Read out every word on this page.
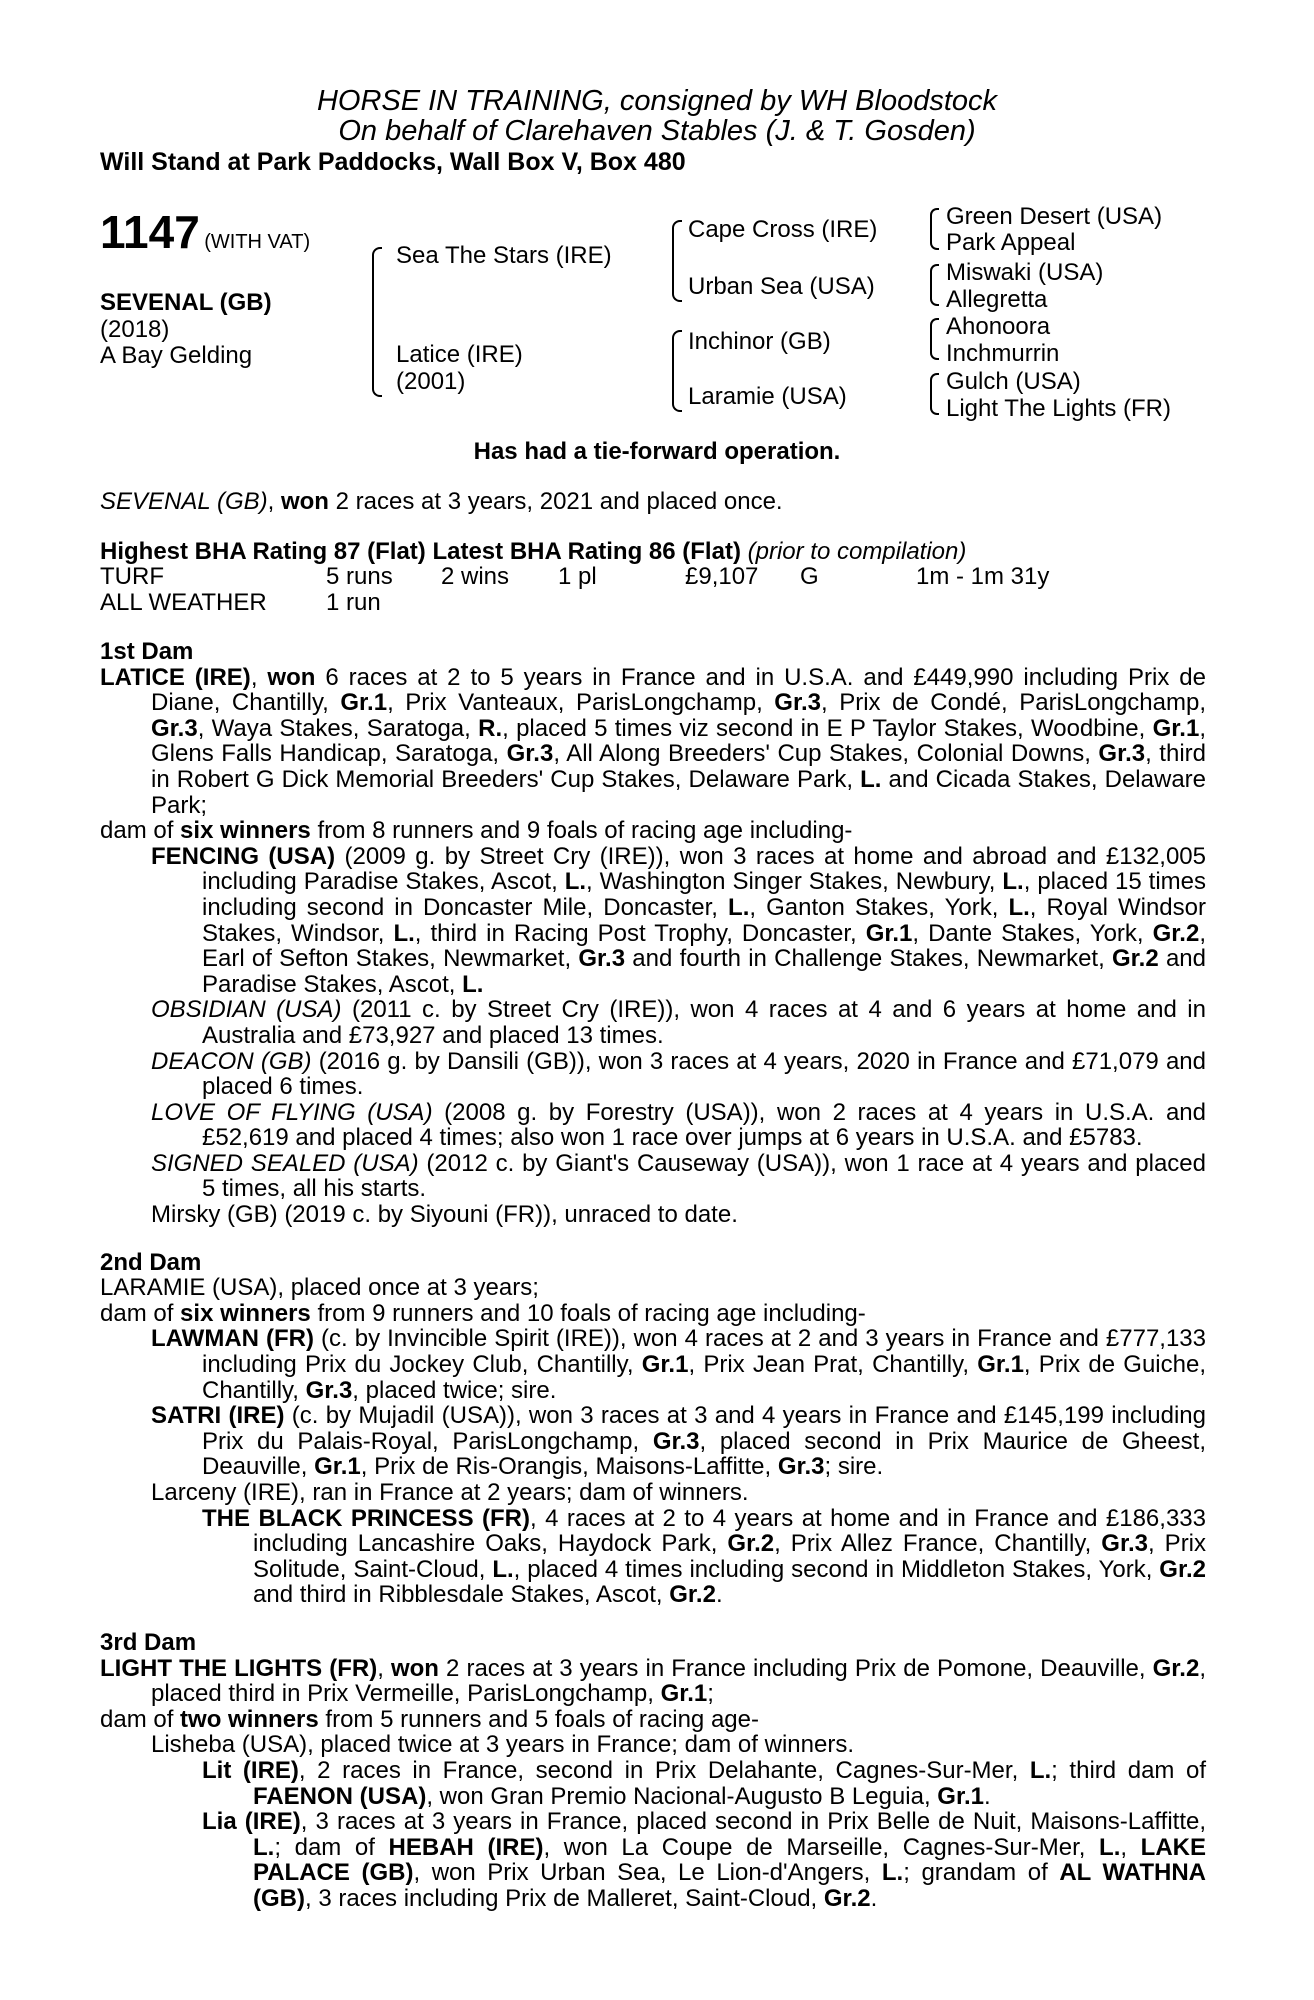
HORSE IN TRAINING, consigned by WH Bloodstock
On behalf of Clarehaven Stables (J. & T. Gosden)
Will Stand at Park Paddocks, Wall Box V, Box 480
1147 (WITH VAT)
SEVENAL (GB)
(2018)
A Bay Gelding
Sea The Stars (IRE)
Latice (IRE)
(2001)
Cape Cross (IRE)
Urban Sea (USA)
Inchinor (GB)
Laramie (USA)
Green Desert (USA)
Park Appeal
Miswaki (USA)
Allegretta
Ahonoora
Inchmurrin
Gulch (USA)
Light The Lights (FR)
Has had a tie-forward operation.
SEVENAL (GB), won 2 races at 3 years, 2021 and placed once.
Highest BHA Rating 87 (Flat) Latest BHA Rating 86 (Flat) (prior to compilation)
TURF	5 runs 2 wins 1 pl	£9,107 G	1m - 1m 31y
ALL WEATHER 1 run

1st Dam

LATICE (IRE), won 6 races at 2 to 5 years in France and in U.S.A. and £449,990 including Prix de Diane, Chantilly, Gr.1, Prix Vanteaux, ParisLongchamp, Gr.3, Prix de Condé, ParisLongchamp, Gr.3, Waya Stakes, Saratoga, R., placed 5 times viz second in E P Taylor Stakes, Woodbine, Gr.1, Glens Falls Handicap, Saratoga, Gr.3, All Along Breeders' Cup Stakes, Colonial Downs, Gr.3, third in Robert G Dick Memorial Breeders' Cup Stakes, Delaware Park, L. and Cicada Stakes, Delaware Park;

dam of six winners from 8 runners and 9 foals of racing age including-

FENCING (USA) (2009 g. by Street Cry (IRE)), won 3 races at home and abroad and £132,005 including Paradise Stakes, Ascot, L., Washington Singer Stakes, Newbury, L., placed 15 times including second in Doncaster Mile, Doncaster, L., Ganton Stakes, York, L., Royal Windsor Stakes, Windsor, L., third in Racing Post Trophy, Doncaster, Gr.1, Dante Stakes, York, Gr.2, Earl of Sefton Stakes, Newmarket, Gr.3 and fourth in Challenge Stakes, Newmarket, Gr.2 and Paradise Stakes, Ascot, L.

OBSIDIAN (USA) (2011 c. by Street Cry (IRE)), won 4 races at 4 and 6 years at home and in Australia and £73,927 and placed 13 times.

DEACON (GB) (2016 g. by Dansili (GB)), won 3 races at 4 years, 2020 in France and £71,079 and placed 6 times.

LOVE OF FLYING (USA) (2008 g. by Forestry (USA)), won 2 races at 4 years in U.S.A. and £52,619 and placed 4 times; also won 1 race over jumps at 6 years in U.S.A. and £5783.

SIGNED SEALED (USA) (2012 c. by Giant's Causeway (USA)), won 1 race at 4 years and placed 5 times, all his starts.

Mirsky (GB) (2019 c. by Siyouni (FR)), unraced to date.

2nd Dam

LARAMIE (USA), placed once at 3 years;

dam of six winners from 9 runners and 10 foals of racing age including-

LAWMAN (FR) (c. by Invincible Spirit (IRE)), won 4 races at 2 and 3 years in France and £777,133 including Prix du Jockey Club, Chantilly, Gr.1, Prix Jean Prat, Chantilly, Gr.1, Prix de Guiche, Chantilly, Gr.3, placed twice; sire.

SATRI (IRE) (c. by Mujadil (USA)), won 3 races at 3 and 4 years in France and £145,199 including Prix du Palais-Royal, ParisLongchamp, Gr.3, placed second in Prix Maurice de Gheest, Deauville, Gr.1, Prix de Ris-Orangis, Maisons-Laffitte, Gr.3; sire.

Larceny (IRE), ran in France at 2 years; dam of winners.

THE BLACK PRINCESS (FR), 4 races at 2 to 4 years at home and in France and £186,333 including Lancashire Oaks, Haydock Park, Gr.2, Prix Allez France, Chantilly, Gr.3, Prix Solitude, Saint-Cloud, L., placed 4 times including second in Middleton Stakes, York, Gr.2 and third in Ribblesdale Stakes, Ascot, Gr.2.

3rd Dam

LIGHT THE LIGHTS (FR), won 2 races at 3 years in France including Prix de Pomone, Deauville, Gr.2, placed third in Prix Vermeille, ParisLongchamp, Gr.1;

dam of two winners from 5 runners and 5 foals of racing age-

Lisheba (USA), placed twice at 3 years in France; dam of winners.

Lit (IRE), 2 races in France, second in Prix Delahante, Cagnes-Sur-Mer, L.; third dam of FAENON (USA), won Gran Premio Nacional-Augusto B Leguia, Gr.1.

Lia (IRE), 3 races at 3 years in France, placed second in Prix Belle de Nuit, Maisons-Laffitte, L.; dam of HEBAH (IRE), won La Coupe de Marseille, Cagnes-Sur-Mer, L., LAKE PALACE (GB), won Prix Urban Sea, Le Lion-d'Angers, L.; grandam of AL WATHNA (GB), 3 races including Prix de Malleret, Saint-Cloud, Gr.2.
